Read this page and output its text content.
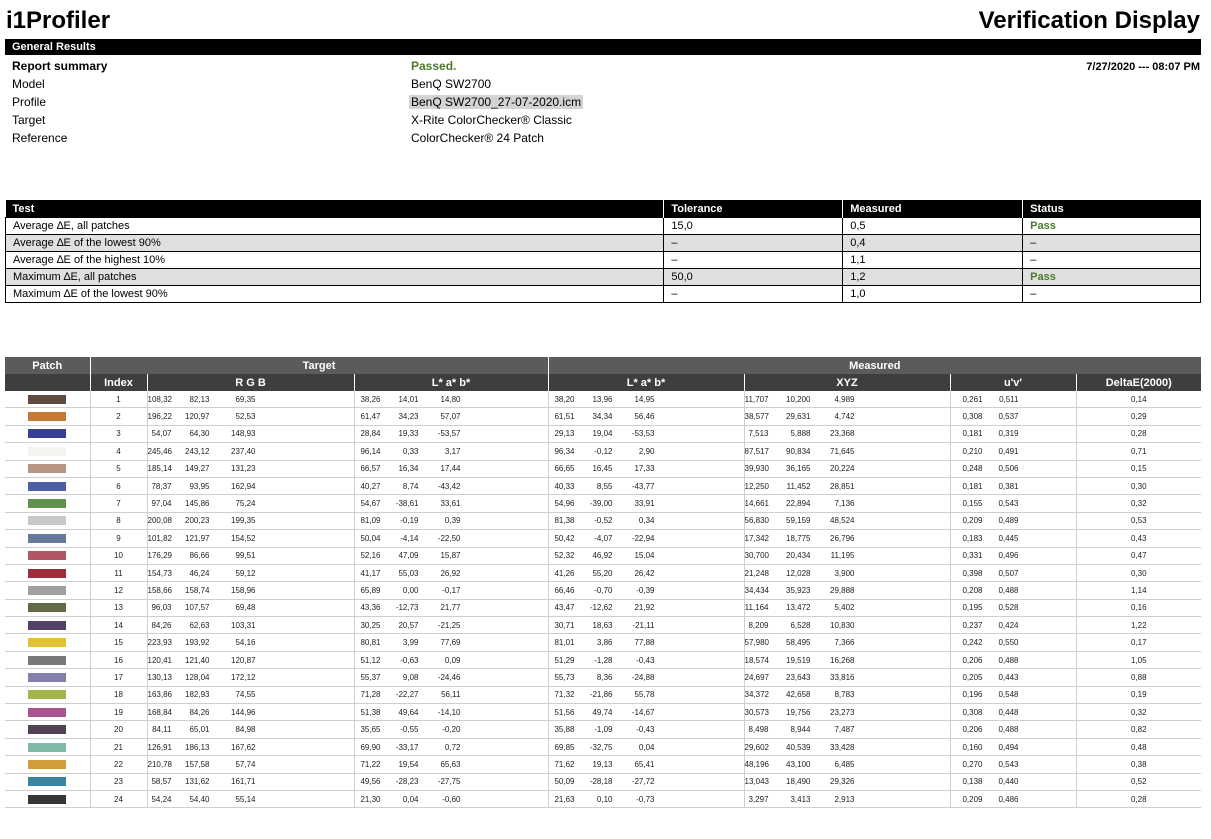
i1Profiler	Verification Display
General Results
Report summary	Passed.	7/27/2020 --- 08:07 PM
Model	BenQ SW2700
Profile	BenQ SW2700_27-07-2020.icm
Target	X-Rite ColorChecker® Classic
Reference	ColorChecker® 24 Patch
Test	Tolerance	Measured	Status
Average ∆E, all patches	15,0	0,5	Pass
Average ∆E of the lowest 90%	–	0,4	–
Average ∆E of the highest 10%	–	1,1	–
Maximum ∆E, all patches	50,0	1,2	Pass
Maximum ∆E of the lowest 90%	–	1,0	–
Patch	Target			Measured			
	Index	R G B	L* a* b*	L* a* b*	XYZ	u'v'	DeltaE(2000)

	1	108,32 82,13 69,35	38,26 14,01 14,80	38,20 13,96 14,95	11,707 10,200 4,989	0,261 0,511	0,14

	2	196,22 120,97 52,53	61,47 34,23 57,07	61,51 34,34 56,46	38,577 29,631 4,742	0,308 0,537	0,29

	3	54,07 64,30 148,93	28,84 19,33 -53,57	29,13 19,04 -53,53	7,513 5,888 23,368	0,181 0,319	0,28

	4	245,46 243,12 237,40	96,14 0,33 3,17	96,34 -0,12 2,90	87,517 90,834 71,645	0,210 0,491	0,71

	5	185,14 149,27 131,23	66,57 16,34 17,44	66,65 16,45 17,33	39,930 36,165 20,224	0,248 0,506	0,15

	6	78,37 93,95 162,94	40,27 8,74 -43,42	40,33 8,55 -43,77	12,250 11,452 28,851	0,181 0,381	0,30

	7	97,04 145,86 75,24	54,67 -38,61 33,61	54,96 -39,00 33,91	14,661 22,894 7,136	0,155 0,543	0,32

	8	200,08 200,23 199,35	81,09 -0,19 0,39	81,38 -0,52 0,34	56,830 59,159 48,524	0,209 0,489	0,53

	9	101,82 121,97 154,52	50,04 -4,14 -22,50	50,42 -4,07 -22,94	17,342 18,775 26,796	0,183 0,445	0,43

	10	176,29 86,66 99,51	52,16 47,09 15,87	52,32 46,92 15,04	30,700 20,434 11,195	0,331 0,496	0,47

	11	154,73 46,24 59,12	41,17 55,03 26,92	41,26 55,20 26,42	21,248 12,028 3,900	0,398 0,507	0,30

	12	158,66 158,74 158,96	65,89 0,00 -0,17	66,46 -0,70 -0,39	34,434 35,923 29,888	0,208 0,488	1,14

	13	96,03 107,57 69,48	43,36 -12,73 21,77	43,47 -12,62 21,92	11,164 13,472 5,402	0,195 0,528	0,16

	14	84,26 62,63 103,31	30,25 20,57 -21,25	30,71 18,63 -21,11	8,209 6,528 10,830	0,237 0,424	1,22

	15	223,93 193,92 54,16	80,81 3,99 77,69	81,01 3,86 77,88	57,980 58,495 7,366	0,242 0,550	0,17

	16	120,41 121,40 120,87	51,12 -0,63 0,09	51,29 -1,28 -0,43	18,574 19,519 16,268	0,206 0,488	1,05

	17	130,13 128,04 172,12	55,37 9,08 -24,46	55,73 8,36 -24,88	24,697 23,643 33,816	0,205 0,443	0,88

	18	163,86 182,93 74,55	71,28 -22,27 56,11	71,32 -21,86 55,78	34,372 42,658 8,783	0,196 0,548	0,19

	19	168,84 84,26 144,96	51,38 49,64 -14,10	51,56 49,74 -14,67	30,573 19,756 23,273	0,308 0,448	0,32

	20	84,11 65,01 84,98	35,65 -0,55 -0,20	35,88 -1,09 -0,43	8,498 8,944 7,487	0,206 0,488	0,82

	21	126,91 186,13 167,62	69,90 -33,17 0,72	69,85 -32,75 0,04	29,602 40,539 33,428	0,160 0,494	0,48

	22	210,78 157,58 57,74	71,22 19,54 65,63	71,62 19,13 65,41	48,196 43,100 6,485	0,270 0,543	0,38

	23	58,57 131,62 161,71	49,56 -28,23 -27,75	50,09 -28,18 -27,72	13,043 18,490 29,326	0,138 0,440	0,52

	24	54,24 54,40 55,14	21,30 0,04 -0,60	21,63 0,10 -0,73	3,297 3,413 2,913	0,209 0,486	0,28
